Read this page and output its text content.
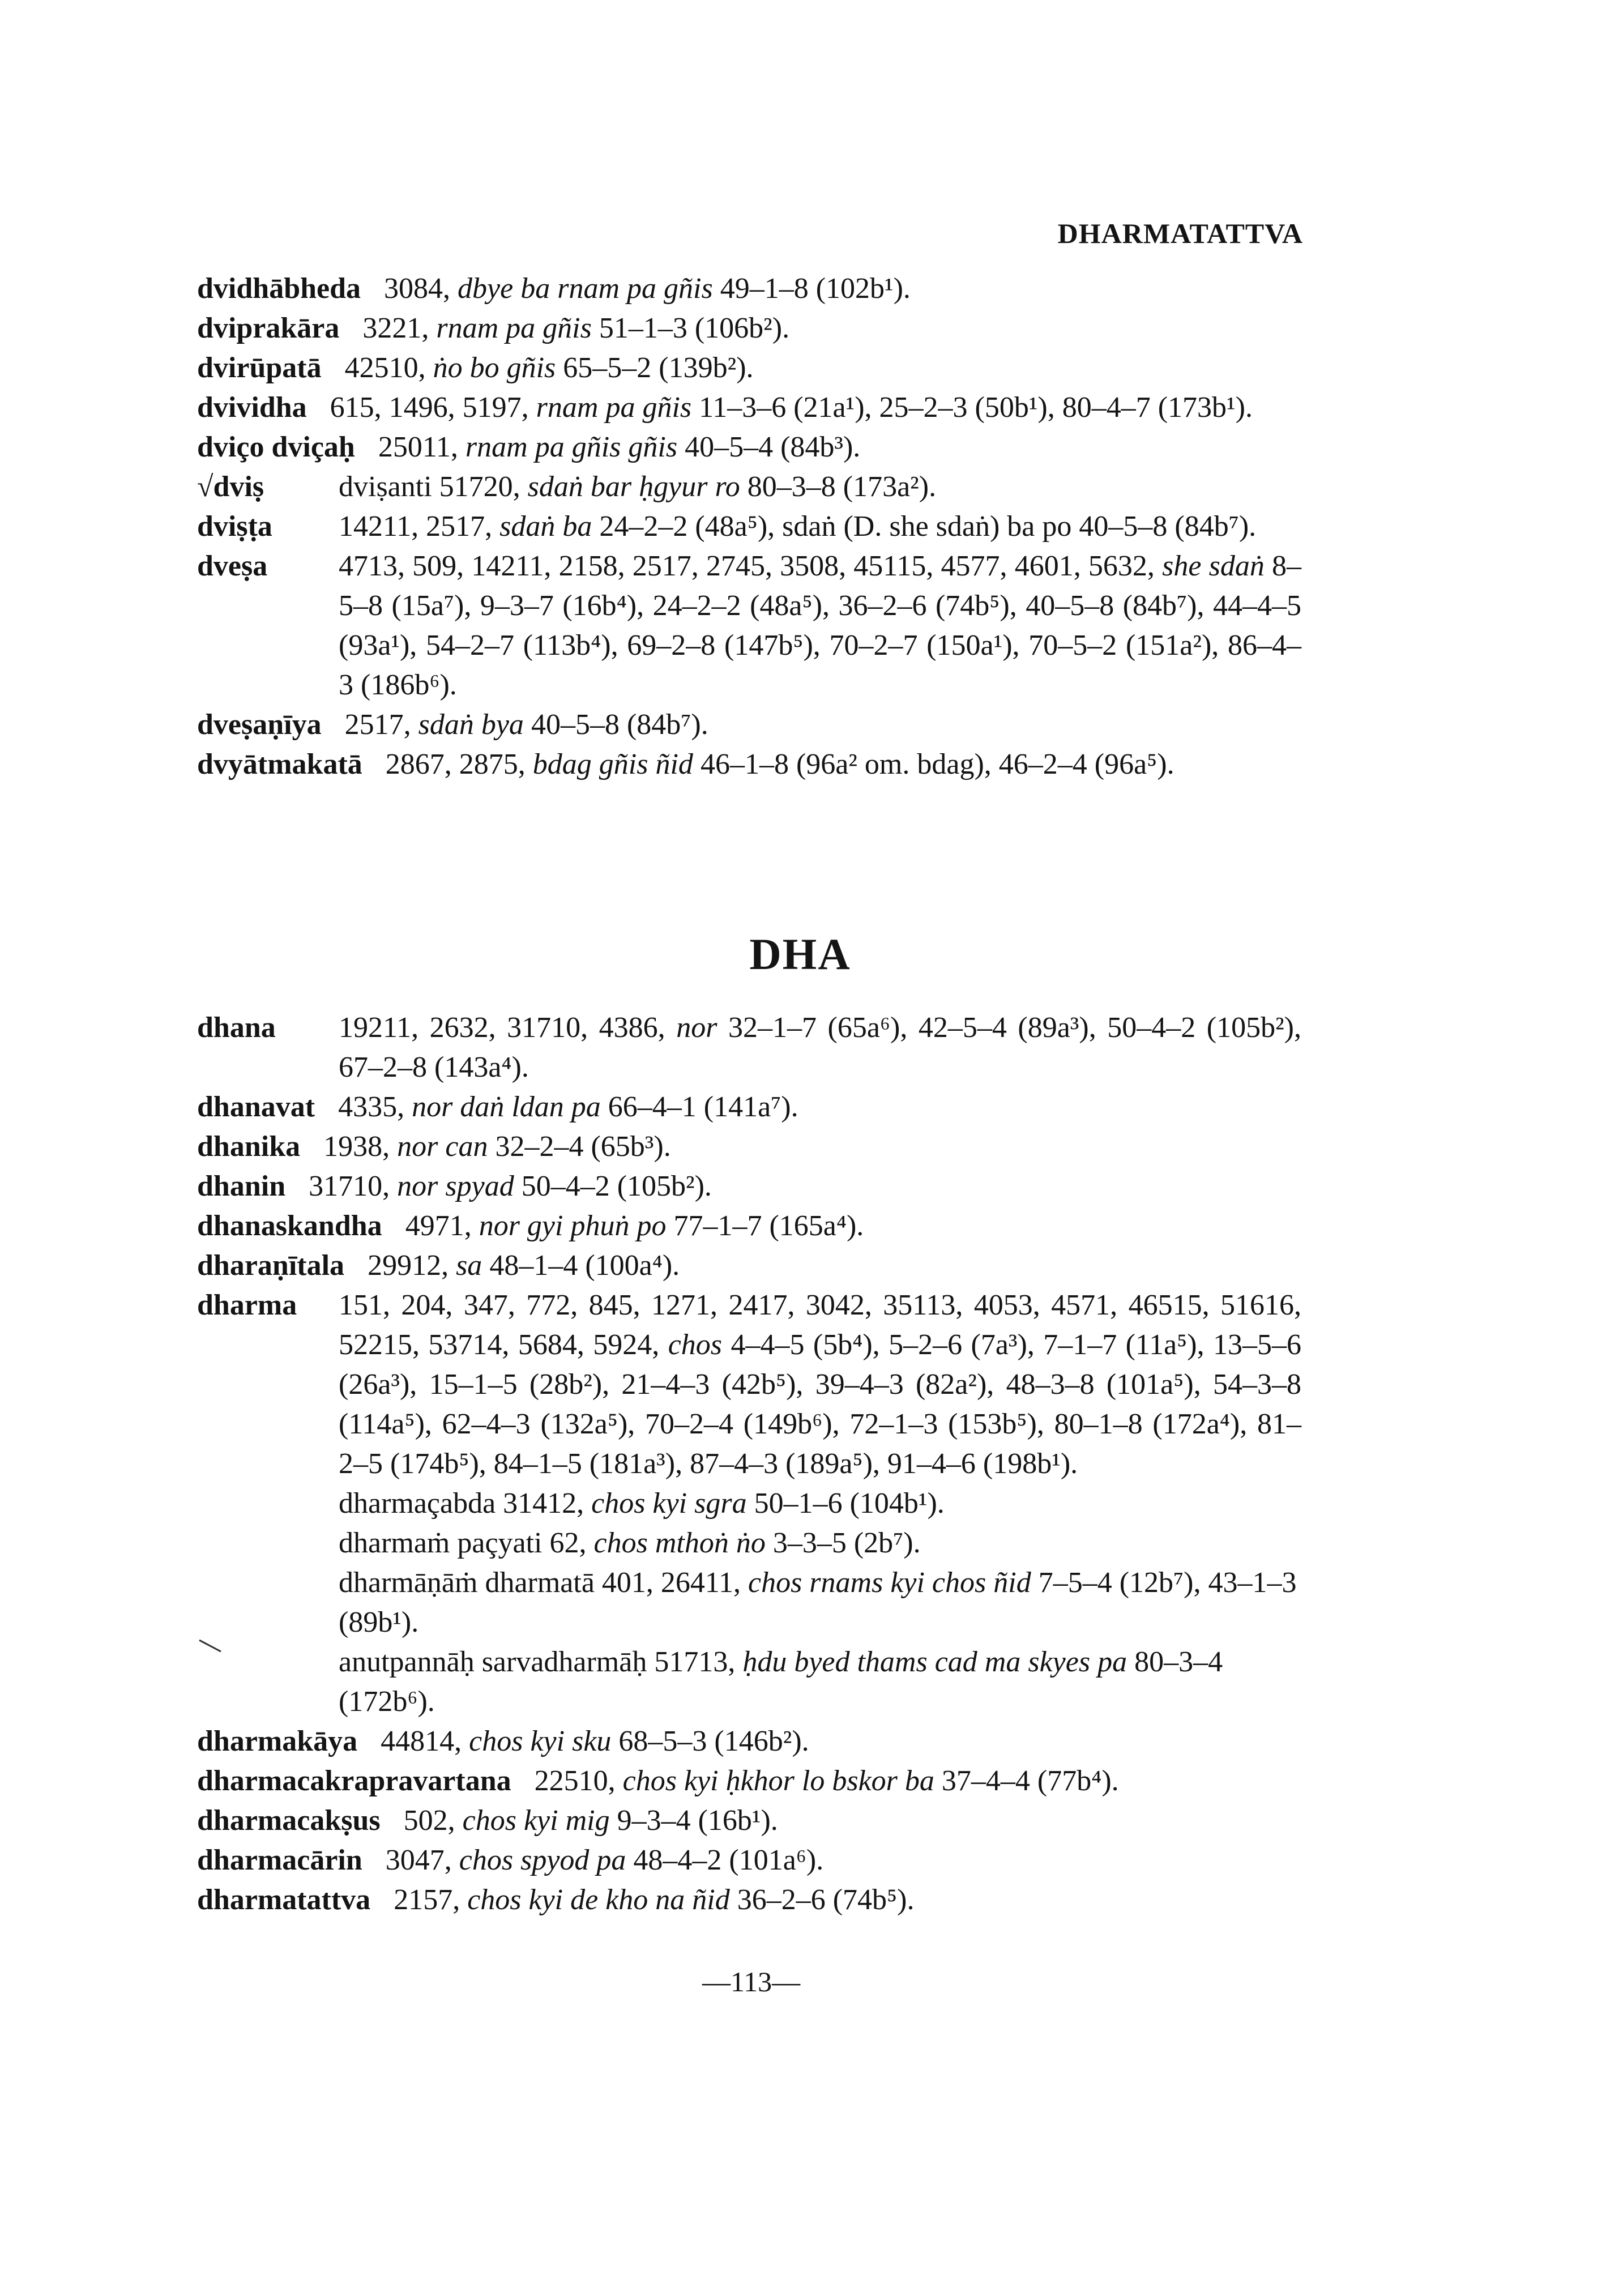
DHARMATATTVA

dvidhābheda 3084, dbye ba rnam pa gñis 49–1–8 (102b¹).

dviprakāra 3221, rnam pa gñis 51–1–3 (106b²).

dvirūpatā 42510, ṅo bo gñis 65–5–2 (139b²).

dvividha 615, 1496, 5197, rnam pa gñis 11–3–6 (21a¹), 25–2–3 (50b¹), 80–4–7 (173b¹).

dviço dviçaḥ 25011, rnam pa gñis gñis 40–5–4 (84b³).

√dviṣ	dviṣanti 51720, sdaṅ bar ḥgyur ro 80–3–8 (173a²).
dviṣṭa	14211, 2517, sdaṅ ba 24–2–2 (48a⁵), sdaṅ (D. she sdaṅ) ba po 40–5–8 (84b⁷).
dveṣa	4713, 509, 14211, 2158, 2517, 2745, 3508, 45115, 4577, 4601, 5632, she sdaṅ 8–5–8 (15a⁷), 9–3–7 (16b⁴), 24–2–2 (48a⁵), 36–2–6 (74b⁵), 40–5–8 (84b⁷), 44–4–5 (93a¹), 54–2–7 (113b⁴), 69–2–8 (147b⁵), 70–2–7 (150a¹), 70–5–2 (151a²), 86–4–3 (186b⁶).

dveṣaṇīya 2517, sdaṅ bya 40–5–8 (84b⁷).

dvyātmakatā 2867, 2875, bdag gñis ñid 46–1–8 (96a² om. bdag), 46–2–4 (96a⁵).

DHA
dhana	19211, 2632, 31710, 4386, nor 32–1–7 (65a⁶), 42–5–4 (89a³), 50–4–2 (105b²), 67–2–8 (143a⁴).

dhanavat 4335, nor daṅ ldan pa 66–4–1 (141a⁷).

dhanika 1938, nor can 32–2–4 (65b³).

dhanin 31710, nor spyad 50–4–2 (105b²).

dhanaskandha 4971, nor gyi phuṅ po 77–1–7 (165a⁴).

dharaṇītala 29912, sa 48–1–4 (100a⁴).

dharma	151, 204, 347, 772, 845, 1271, 2417, 3042, 35113, 4053, 4571, 46515, 51616, 52215, 53714, 5684, 5924, chos 4–4–5 (5b⁴), 5–2–6 (7a³), 7–1–7 (11a⁵), 13–5–6 (26a³), 15–1–5 (28b²), 21–4–3 (42b⁵), 39–4–3 (82a²), 48–3–8 (101a⁵), 54–3–8 (114a⁵), 62–4–3 (132a⁵), 70–2–4 (149b⁶), 72–1–3 (153b⁵), 80–1–8 (172a⁴), 81–2–5 (174b⁵), 84–1–5 (181a³), 87–4–3 (189a⁵), 91–4–6 (198b¹).

dharmaçabda 31412, chos kyi sgra 50–1–6 (104b¹).

dharmaṁ paçyati 62, chos mthoṅ ṅo 3–3–5 (2b⁷).

dharmāṇāṁ dharmatā 401, 26411, chos rnams kyi chos ñid 7–5–4 (12b⁷), 43–1–3 (89b¹).

anutpannāḥ sarvadharmāḥ 51713, ḥdu byed thams cad ma skyes pa 80–3–4 (172b⁶).

dharmakāya 44814, chos kyi sku 68–5–3 (146b²).

dharmacakrapravartana 22510, chos kyi ḥkhor lo bskor ba 37–4–4 (77b⁴).

dharmacakṣus 502, chos kyi mig 9–3–4 (16b¹).

dharmacārin 3047, chos spyod pa 48–4–2 (101a⁶).

dharmatattva 2157, chos kyi de kho na ñid 36–2–6 (74b⁵).

—113—
